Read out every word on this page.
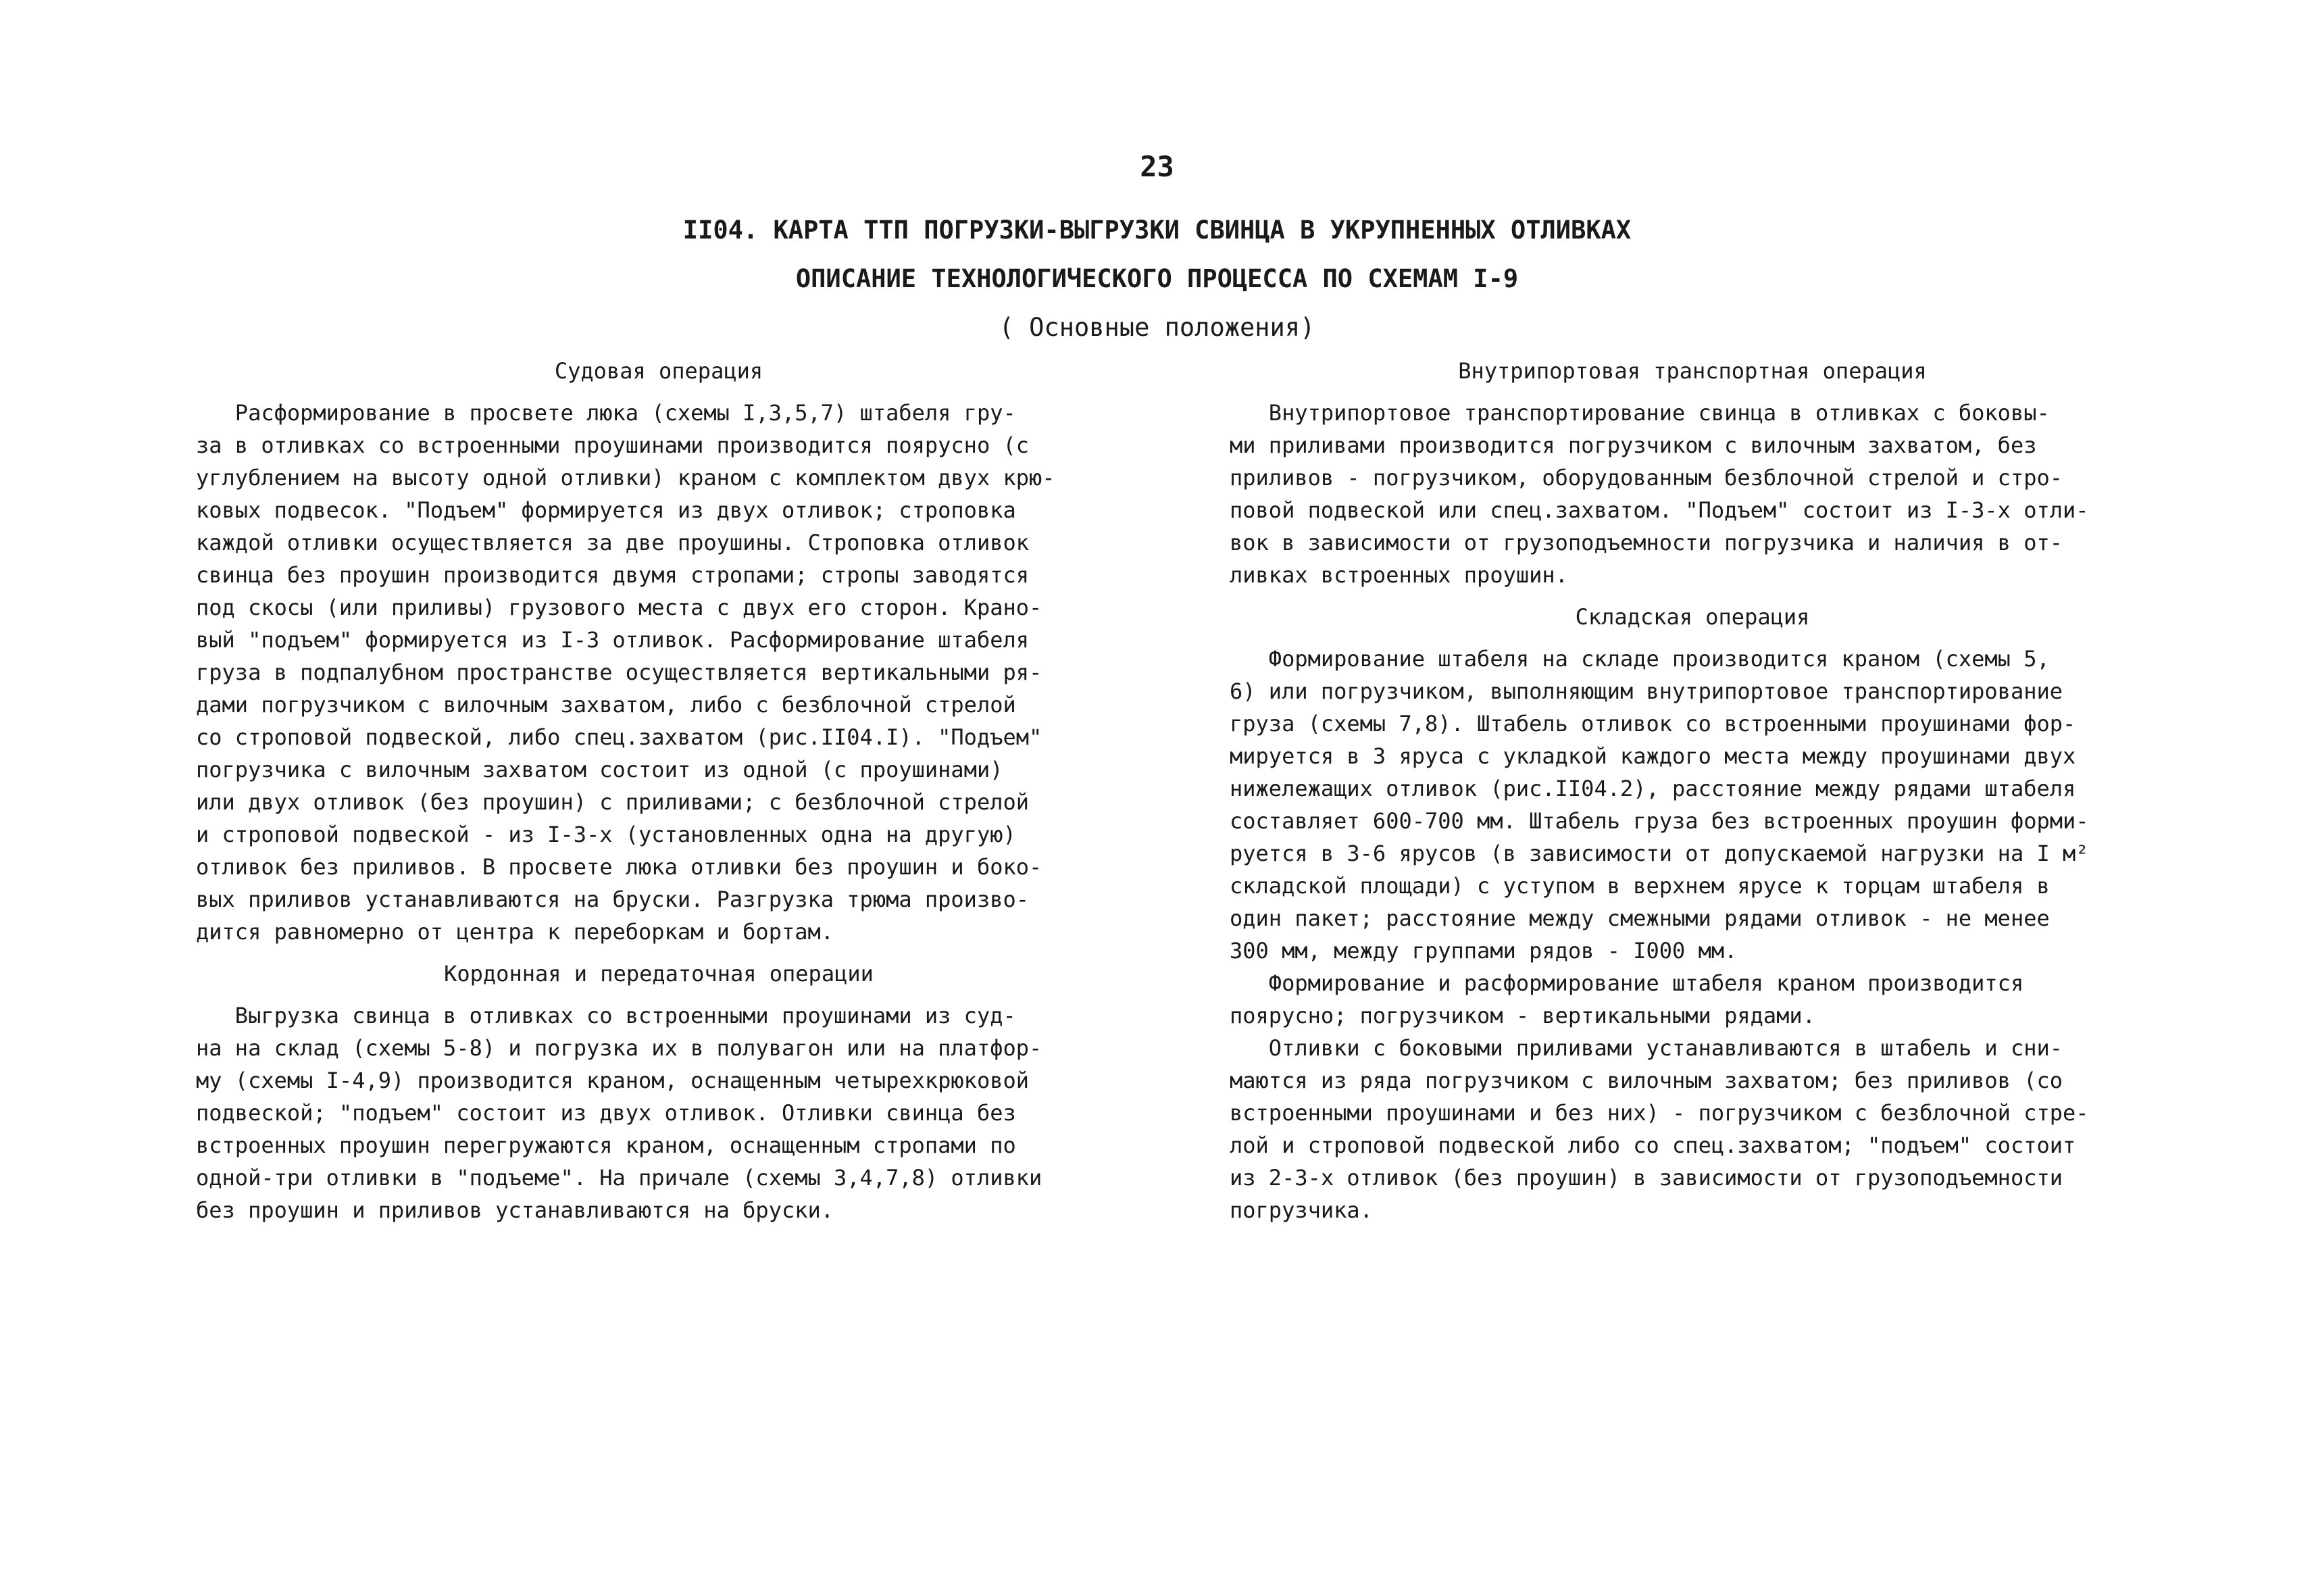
23
II04. КАРТА ТТП ПОГРУЗКИ-ВЫГРУЗКИ СВИНЦА В УКРУПНЕННЫХ ОТЛИВКАХ
ОПИСАНИЕ ТЕХНОЛОГИЧЕСКОГО ПРОЦЕССА ПО СХЕМАМ I-9
( Основные положения)
Судовая операция
Расформирование в просвете люка (схемы I,3,5,7) штабеля гру-
за в отливках со встроенными проушинами производится поярусно (с
углублением на высоту одной отливки) краном с комплектом двух крю-
ковых подвесок. "Подъем" формируется из двух отливок; строповка
каждой отливки осуществляется за две проушины. Строповка отливок
свинца без проушин производится двумя стропами; стропы заводятся
под скосы (или приливы) грузового места с двух его сторон. Крано-
вый "подъем" формируется из I-3 отливок. Расформирование штабеля
груза в подпалубном пространстве осуществляется вертикальными ря-
дами погрузчиком с вилочным захватом, либо с безблочной стрелой
со строповой подвеской, либо спец.захватом (рис.II04.I). "Подъем"
погрузчика с вилочным захватом состоит из одной (с проушинами)
или двух отливок (без проушин) с приливами; с безблочной стрелой
и строповой подвеской - из I-3-х (установленных одна на другую)
отливок без приливов. В просвете люка отливки без проушин и боко-
вых приливов устанавливаются на бруски. Разгрузка трюма произво-
дится равномерно от центра к переборкам и бортам.
Кордонная и передаточная операции
Выгрузка свинца в отливках со встроенными проушинами из суд-
на на склад (схемы 5-8) и погрузка их в полувагон или на платфор-
му (схемы I-4,9) производится краном, оснащенным четырехкрюковой
подвеской; "подъем" состоит из двух отливок. Отливки свинца без
встроенных проушин перегружаются краном, оснащенным стропами по
одной-три отливки в "подъеме". На причале (схемы 3,4,7,8) отливки
без проушин и приливов устанавливаются на бруски.
Внутрипортовая транспортная операция
Внутрипортовое транспортирование свинца в отливках с боковы-
ми приливами производится погрузчиком с вилочным захватом, без
приливов - погрузчиком, оборудованным безблочной стрелой и стро-
повой подвеской или спец.захватом. "Подъем" состоит из I-3-х отли-
вок в зависимости от грузоподъемности погрузчика и наличия в от-
ливках встроенных проушин.
Складская операция
Формирование штабеля на складе производится краном (схемы 5,
6) или погрузчиком, выполняющим внутрипортовое транспортирование
груза (схемы 7,8). Штабель отливок со встроенными проушинами фор-
мируется в 3 яруса с укладкой каждого места между проушинами двух
нижележащих отливок (рис.II04.2), расстояние между рядами штабеля
составляет 600-700 мм. Штабель груза без встроенных проушин форми-
руется в 3-6 ярусов (в зависимости от допускаемой нагрузки на I м²
складской площади) с уступом в верхнем ярусе к торцам штабеля в
один пакет; расстояние между смежными рядами отливок - не менее
300 мм, между группами рядов - I000 мм.
Формирование и расформирование штабеля краном производится
поярусно; погрузчиком - вертикальными рядами.
Отливки с боковыми приливами устанавливаются в штабель и сни-
маются из ряда погрузчиком с вилочным захватом; без приливов (со
встроенными проушинами и без них) - погрузчиком с безблочной стре-
лой и строповой подвеской либо со спец.захватом; "подъем" состоит
из 2-3-х отливок (без проушин) в зависимости от грузоподъемности
погрузчика.
